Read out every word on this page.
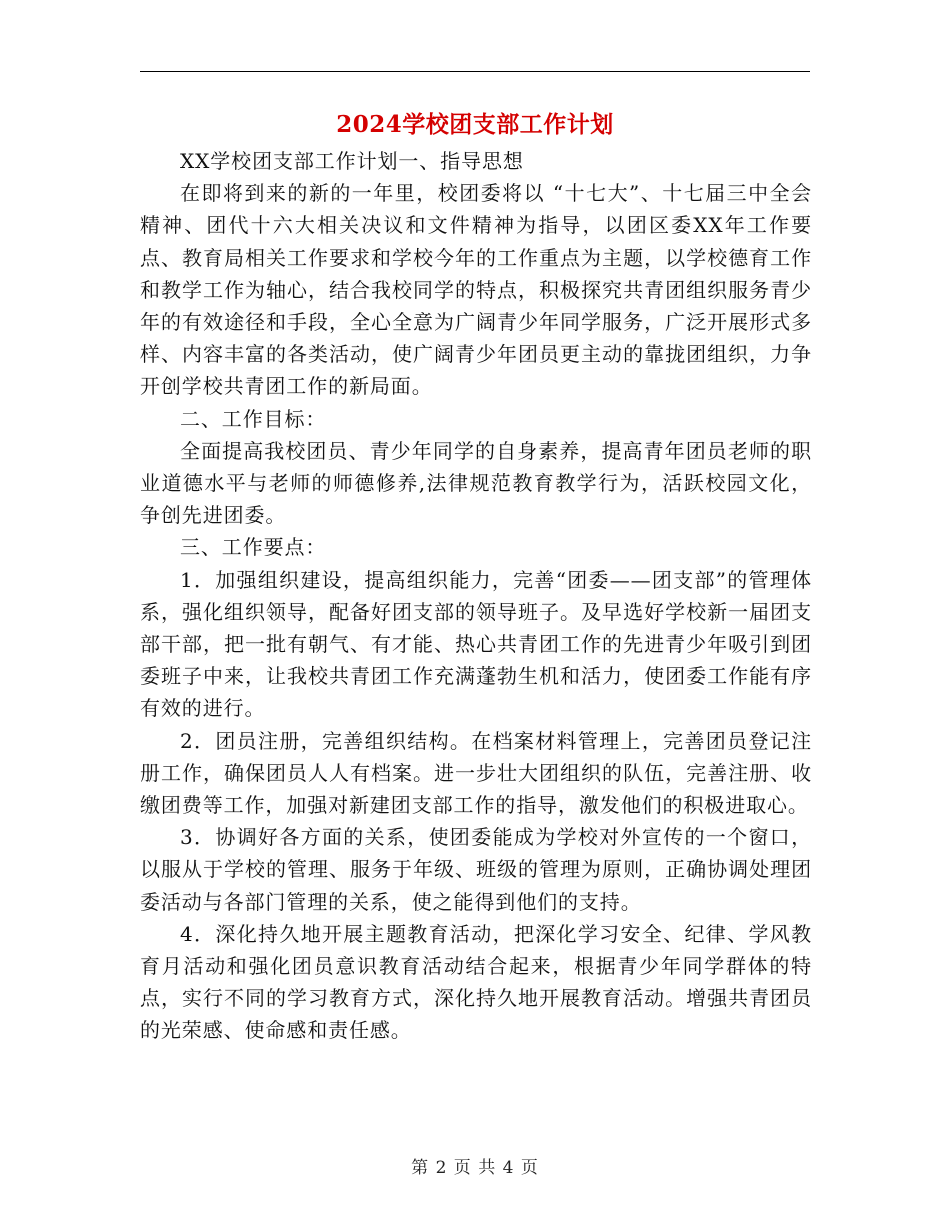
2024学校团支部工作计划

XX学校团支部工作计划一、指导思想

在即将到来的新的一年里，校团委将以 “十七大”、十七届三中全会精神、团代十六大相关决议和文件精神为指导，以团区委XX年工作要点、教育局相关工作要求和学校今年的工作重点为主题，以学校德育工作和教学工作为轴心，结合我校同学的特点，积极探究共青团组织服务青少年的有效途径和手段，全心全意为广阔青少年同学服务，广泛开展形式多样、内容丰富的各类活动，使广阔青少年团员更主动的靠拢团组织，力争开创学校共青团工作的新局面。

二、工作目标：

全面提高我校团员、青少年同学的自身素养，提高青年团员老师的职业道德水平与老师的师德修养,法律规范教育教学行为，活跃校园文化，争创先进团委。

三、工作要点：

1．加强组织建设，提高组织能力，完善“团委——团支部”的管理体系，强化组织领导，配备好团支部的领导班子。及早选好学校新一届团支部干部，把一批有朝气、有才能、热心共青团工作的先进青少年吸引到团委班子中来，让我校共青团工作充满蓬勃生机和活力，使团委工作能有序有效的进行。

2．团员注册，完善组织结构。在档案材料管理上，完善团员登记注册工作，确保团员人人有档案。进一步壮大团组织的队伍，完善注册、收缴团费等工作，加强对新建团支部工作的指导，激发他们的积极进取心。

3．协调好各方面的关系，使团委能成为学校对外宣传的一个窗口，以服从于学校的管理、服务于年级、班级的管理为原则，正确协调处理团委活动与各部门管理的关系，使之能得到他们的支持。

4．深化持久地开展主题教育活动，把深化学习安全、纪律、学风教育月活动和强化团员意识教育活动结合起来，根据青少年同学群体的特点，实行不同的学习教育方式，深化持久地开展教育活动。增强共青团员的光荣感、使命感和责任感。

第 2 页 共 4 页
